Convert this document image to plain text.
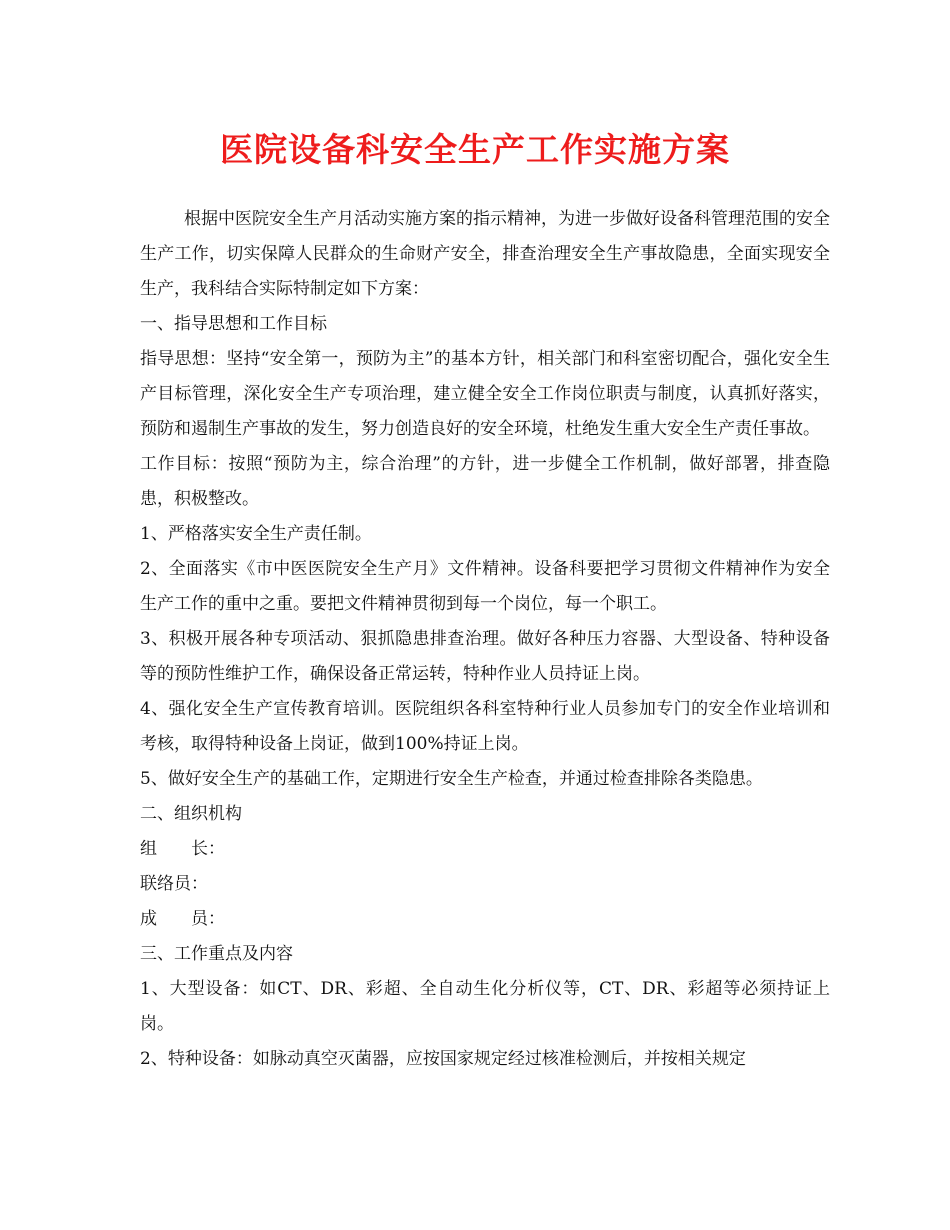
医院设备科安全生产工作实施方案

根据中医院安全生产月活动实施方案的指示精神，为进一步做好设备科管理范围的安全生产工作，切实保障人民群众的生命财产安全，排查治理安全生产事故隐患，全面实现安全生产，我科结合实际特制定如下方案：

一、指导思想和工作目标

指导思想：坚持“安全第一，预防为主”的基本方针，相关部门和科室密切配合，强化安全生产目标管理，深化安全生产专项治理，建立健全安全工作岗位职责与制度，认真抓好落实，预防和遏制生产事故的发生，努力创造良好的安全环境，杜绝发生重大安全生产责任事故。

工作目标：按照“预防为主，综合治理”的方针，进一步健全工作机制，做好部署，排查隐患，积极整改。

1、严格落实安全生产责任制。

2、全面落实《市中医医院安全生产月》文件精神。设备科要把学习贯彻文件精神作为安全生产工作的重中之重。要把文件精神贯彻到每一个岗位，每一个职工。

3、积极开展各种专项活动、狠抓隐患排查治理。做好各种压力容器、大型设备、特种设备等的预防性维护工作，确保设备正常运转，特种作业人员持证上岗。

4、强化安全生产宣传教育培训。医院组织各科室特种行业人员参加专门的安全作业培训和考核，取得特种设备上岗证，做到100%持证上岗。

5、做好安全生产的基础工作，定期进行安全生产检查，并通过检查排除各类隐患。

二、组织机构

组　　长：

联络员：

成　　员：

三、工作重点及内容

1、大型设备：如CT、DR、彩超、全自动生化分析仪等，CT、DR、彩超等必须持证上岗。

2、特种设备：如脉动真空灭菌器，应按国家规定经过核准检测后，并按相关规定
